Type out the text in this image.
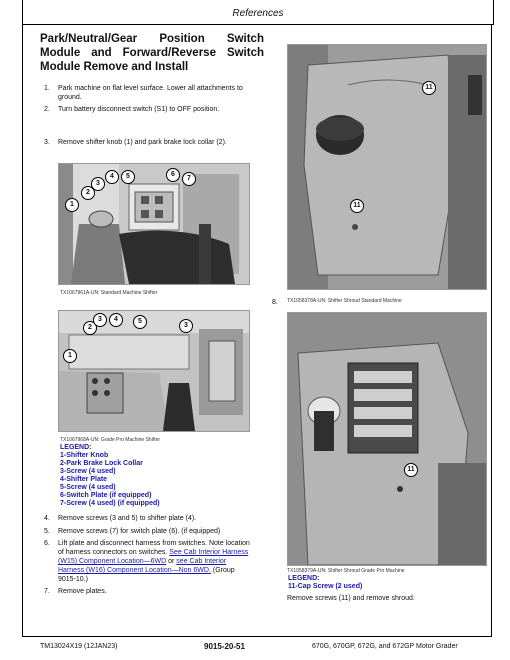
References
Park/Neutral/Gear Position Switch
Module and Forward/Reverse Switch
Module Remove and Install
1. Park machine on flat level surface. Lower all attachments to
ground.
2. Turn battery disconnect switch (S1) to OFF position.
3. Remove shifter knob (1) and park brake lock collar (2).
1
2
3
4	5	6
7
TX1067961A-UN: Standard Machine Shifter
1
2
3	4	5
3
TX1067968A-UN: Grade Pro Machine Shifter
LEGEND:
1-Shifter Knob
2-Park Brake Lock Collar
3-Screw (4 used)
4-Shifter Plate
5-Screw (4 used)
6-Switch Plate (if equipped)
7-Screw (4 used) (if equipped)
4. Remove screws (3 and 5) to shifter plate (4).
5. Remove screws (7) for switch plate (6). (if equipped)
6. Lift plate and disconnect harness from switches. Note location
of harness connectors on switches. See Cab Interior Harness
(W15) Component Location—6WD or see Cab Interior
Harness (W16) Component Location—Non 6WD. (Group
9015-10.)
7. Remove plates.
11
11
8. TX1058378A-UN: Shifter Shroud Standard Machine
11
TX1058379A-UN: Shifter Shroud Grade Pro Machine
LEGEND:
11-Cap Screw (2 used)
Remove screws (11) and remove shroud.
TM13024X19 (12JAN23)	9015-20-51	670G, 670GP, 672G, and 672GP Motor Grader
